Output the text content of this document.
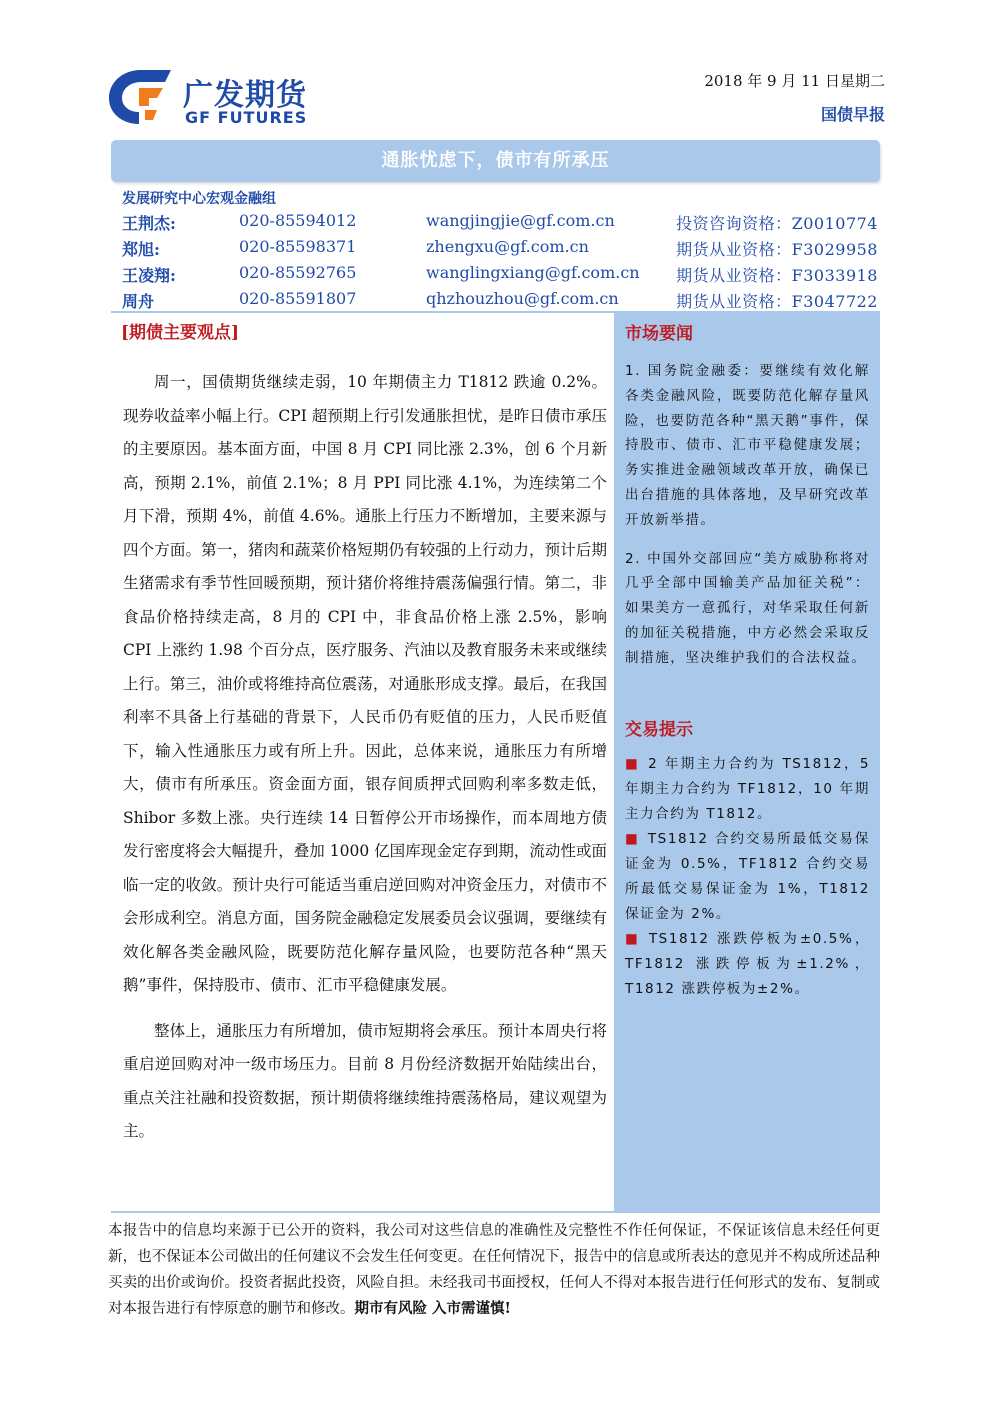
广发期货
GF FUTURES
2018 年 9 月 11 日星期二
国债早报
通胀忧虑下，债市有所承压
发展研究中心宏观金融组
王荆杰:	020-85594012	wangjingjie@gf.com.cn	投资咨询资格：Z0010774
郑旭:	020-85598371	zhengxu@gf.com.cn	期货从业资格：F3029958
王凌翔:	020-85592765	wanglingxiang@gf.com.cn 期货从业资格：F3033918
周舟	020-85591807	qhzhouzhou@gf.com.cn	期货从业资格：F3047722
[期债主要观点]

周一，国债期货继续走弱，10 年期债主力 T1812 跌逾 0.2%。现券收益率小幅上行。CPI 超预期上行引发通胀担忧，是昨日债市承压的主要原因。基本面方面，中国 8 月 CPI 同比涨 2.3%，创 6 个月新高，预期 2.1%，前值 2.1%；8 月 PPI 同比涨 4.1%，为连续第二个月下滑，预期 4%，前值 4.6%。通胀上行压力不断增加，主要来源与四个方面。第一，猪肉和蔬菜价格短期仍有较强的上行动力，预计后期生猪需求有季节性回暖预期，预计猪价将维持震荡偏强行情。第二，非食品价格持续走高，8 月的 CPI 中，非食品价格上涨 2.5%，影响 CPI 上涨约 1.98 个百分点，医疗服务、汽油以及教育服务未来或继续上行。第三，油价或将维持高位震荡，对通胀形成支撑。最后，在我国利率不具备上行基础的背景下，人民币仍有贬值的压力，人民币贬值下，输入性通胀压力或有所上升。因此，总体来说，通胀压力有所增大，债市有所承压。资金面方面，银存间质押式回购利率多数走低，Shibor 多数上涨。央行连续 14 日暂停公开市场操作，而本周地方债发行密度将会大幅提升，叠加 1000 亿国库现金定存到期，流动性或面临一定的收敛。预计央行可能适当重启逆回购对冲资金压力，对债市不会形成利空。消息方面，国务院金融稳定发展委员会议强调，要继续有效化解各类金融风险，既要防范化解存量风险，也要防范各种“黑天鹅”事件，保持股市、债市、汇市平稳健康发展。

整体上，通胀压力有所增加，债市短期将会承压。预计本周央行将重启逆回购对冲一级市场压力。目前 8 月份经济数据开始陆续出台，重点关注社融和投资数据，预计期债将继续维持震荡格局，建议观望为主。

市场要闻

1. 国务院金融委：要继续有效化解各类金融风险，既要防范化解存量风险，也要防范各种“黑天鹅”事件，保持股市、债市、汇市平稳健康发展；务实推进金融领域改革开放，确保已出台措施的具体落地，及早研究改革开放新举措。

2. 中国外交部回应“美方威胁称将对几乎全部中国输美产品加征关税”：如果美方一意孤行，对华采取任何新的加征关税措施，中方必然会采取反制措施，坚决维护我们的合法权益。

交易提示

■ 2 年期主力合约为 TS1812，5 年期主力合约为 TF1812，10 年期主力合约为 T1812。

■ TS1812 合约交易所最低交易保证金为 0.5%，TF1812 合约交易所最低交易保证金为 1%，T1812 保证金为 2%。

■ TS1812 涨跌停板为±0.5%，TF1812 涨跌停板为±1.2%，T1812 涨跌停板为±2%。

本报告中的信息均来源于已公开的资料，我公司对这些信息的准确性及完整性不作任何保证，不保证该信息未经任何更新，也不保证本公司做出的任何建议不会发生任何变更。在任何情况下，报告中的信息或所表达的意见并不构成所述品种买卖的出价或询价。投资者据此投资，风险自担。未经我司书面授权，任何人不得对本报告进行任何形式的发布、复制或对本报告进行有悖原意的删节和修改。期市有风险 入市需谨慎!
